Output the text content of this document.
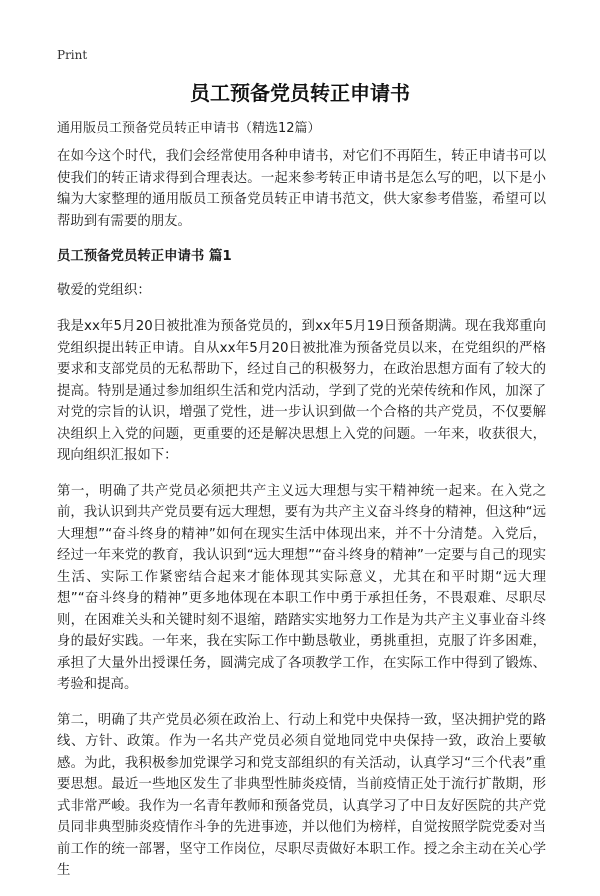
Print
员工预备党员转正申请书
通用版员工预备党员转正申请书（精选12篇）

在如今这个时代，我们会经常使用各种申请书，对它们不再陌生，转正申请书可以使我们的转正请求得到合理表达。一起来参考转正申请书是怎么写的吧，以下是小编为大家整理的通用版员工预备党员转正申请书范文，供大家参考借鉴，希望可以帮助到有需要的朋友。

员工预备党员转正申请书 篇1
敬爱的党组织：

我是xx年5月20日被批准为预备党员的，到xx年5月19日预备期满。现在我郑重向党组织提出转正申请。自从xx年5月20日被批准为预备党员以来，在党组织的严格要求和支部党员的无私帮助下，经过自己的积极努力，在政治思想方面有了较大的提高。特别是通过参加组织生活和党内活动，学到了党的光荣传统和作风，加深了对党的宗旨的认识，增强了党性，进一步认识到做一个合格的共产党员，不仅要解决组织上入党的问题，更重要的还是解决思想上入党的问题。一年来，收获很大，现向组织汇报如下：

第一，明确了共产党员必须把共产主义远大理想与实干精神统一起来。在入党之前，我认识到共产党员要有远大理想，要有为共产主义奋斗终身的精神，但这种“远大理想”“奋斗终身的精神”如何在现实生活中体现出来，并不十分清楚。入党后，经过一年来党的教育，我认识到“远大理想”“奋斗终身的精神”一定要与自己的现实生活、实际工作紧密结合起来才能体现其实际意义，尤其在和平时期“远大理想”“奋斗终身的精神”更多地体现在本职工作中勇于承担任务，不畏艰难、尽职尽则，在困难关头和关键时刻不退缩，踏踏实实地努力工作是为共产主义事业奋斗终身的最好实践。一年来，我在实际工作中勤恳敬业，勇挑重担，克服了许多困难，承担了大量外出授课任务，圆满完成了各项教学工作，在实际工作中得到了锻炼、考验和提高。

第二，明确了共产党员必须在政治上、行动上和党中央保持一致，坚决拥护党的路线、方针、政策。作为一名共产党员必须自觉地同党中央保持一致，政治上要敏感。为此，我积极参加党课学习和党支部组织的有关活动，认真学习“三个代表”重要思想。最近一些地区发生了非典型性肺炎疫情，当前疫情正处于流行扩散期，形式非常严峻。我作为一名青年教师和预备党员，认真学习了中日友好医院的共产党员同非典型肺炎疫情作斗争的先进事迹，并以他们为榜样，自觉按照学院党委对当前工作的统一部署，坚守工作岗位，尽职尽责做好本职工作。授之余主动在关心学生
